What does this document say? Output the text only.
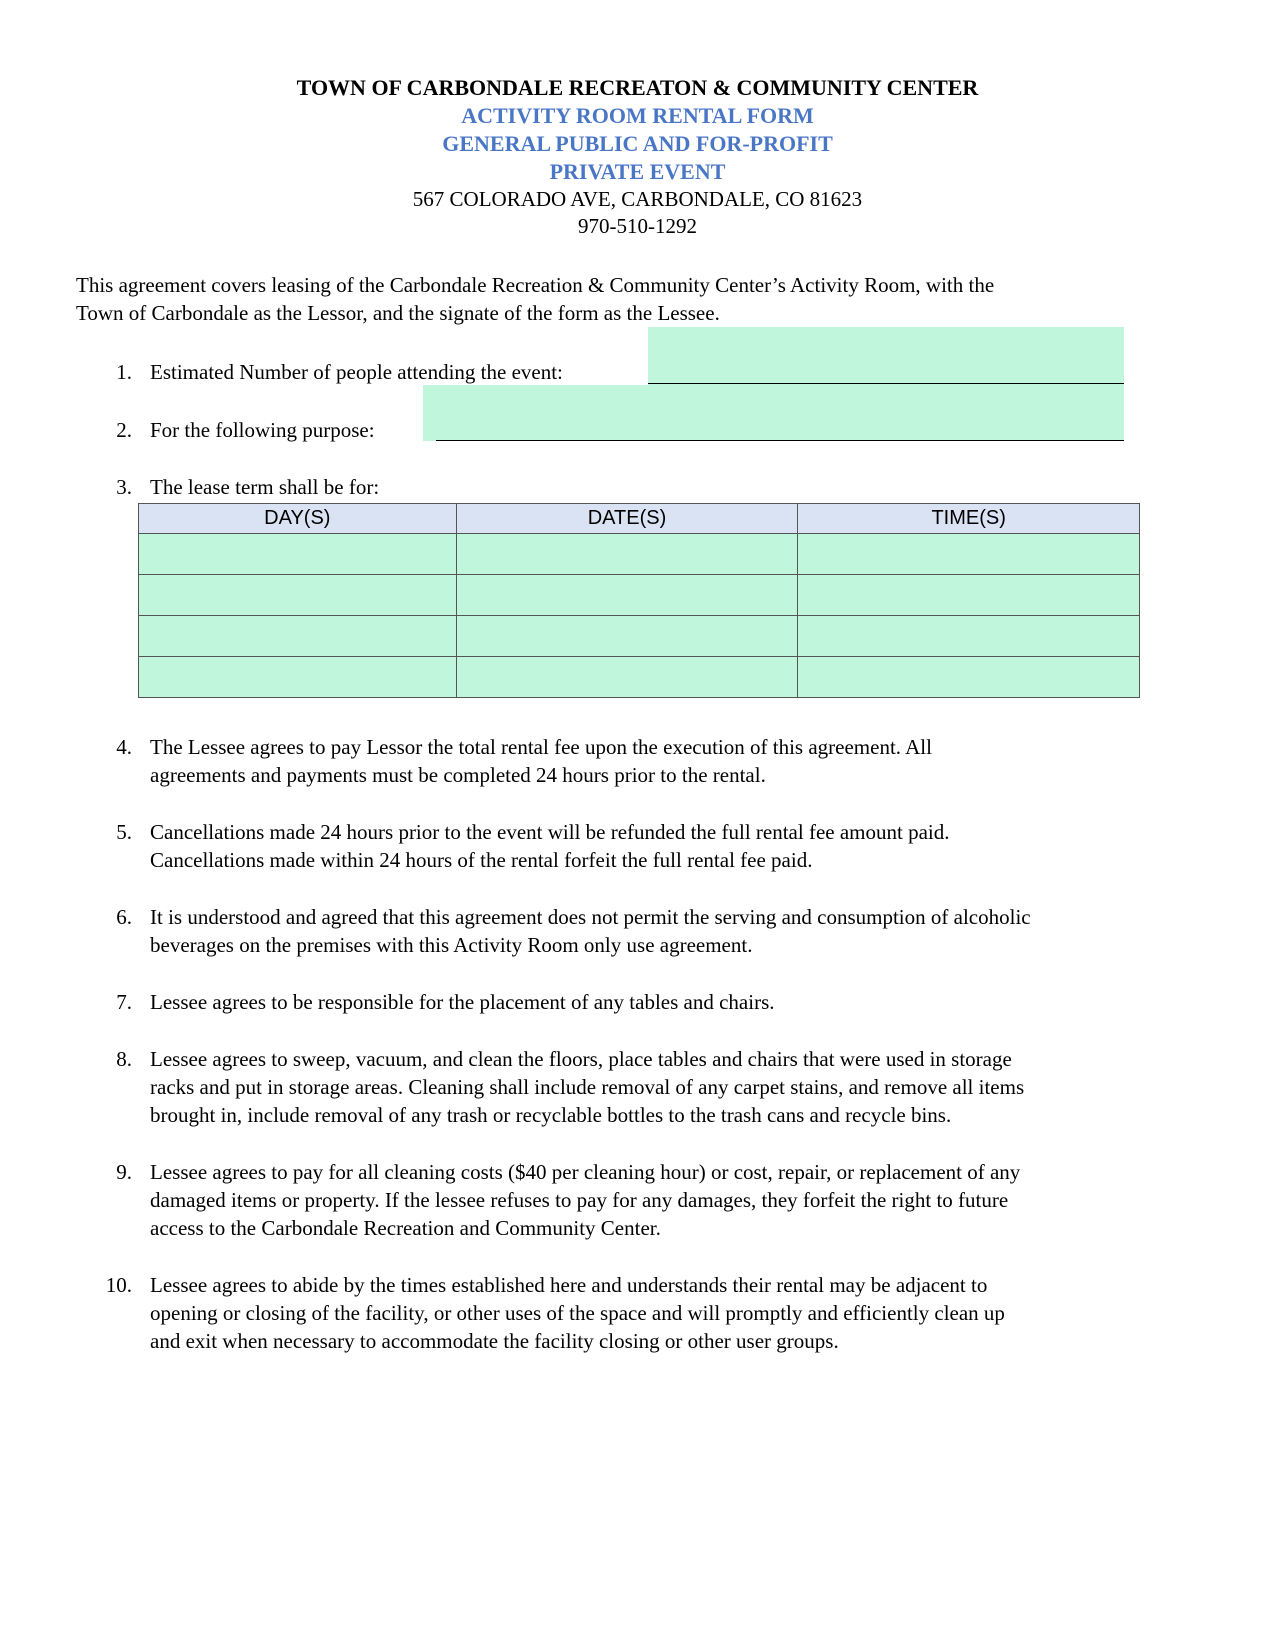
TOWN OF CARBONDALE RECREATON & COMMUNITY CENTER
ACTIVITY ROOM RENTAL FORM
GENERAL PUBLIC AND FOR-PROFIT
PRIVATE EVENT
567 COLORADO AVE, CARBONDALE, CO 81623
970-510-1292
This agreement covers leasing of the Carbondale Recreation & Community Center’s Activity Room, with the
Town of Carbondale as the Lessor, and the signate of the form as the Lessee.
1. Estimated Number of people attending the event:
2. For the following purpose:
3. The lease term shall be for:
DAY(S)	DATE(S)	TIME(S)

4. The Lessee agrees to pay Lessor the total rental fee upon the execution of this agreement. All
agreements and payments must be completed 24 hours prior to the rental.
5. Cancellations made 24 hours prior to the event will be refunded the full rental fee amount paid.
Cancellations made within 24 hours of the rental forfeit the full rental fee paid.
6. It is understood and agreed that this agreement does not permit the serving and consumption of alcoholic
beverages on the premises with this Activity Room only use agreement.
7. Lessee agrees to be responsible for the placement of any tables and chairs.
8. Lessee agrees to sweep, vacuum, and clean the floors, place tables and chairs that were used in storage
racks and put in storage areas. Cleaning shall include removal of any carpet stains, and remove all items
brought in, include removal of any trash or recyclable bottles to the trash cans and recycle bins.
9. Lessee agrees to pay for all cleaning costs ($40 per cleaning hour) or cost, repair, or replacement of any
damaged items or property. If the lessee refuses to pay for any damages, they forfeit the right to future
access to the Carbondale Recreation and Community Center.
10. Lessee agrees to abide by the times established here and understands their rental may be adjacent to
opening or closing of the facility, or other uses of the space and will promptly and efficiently clean up
and exit when necessary to accommodate the facility closing or other user groups.
